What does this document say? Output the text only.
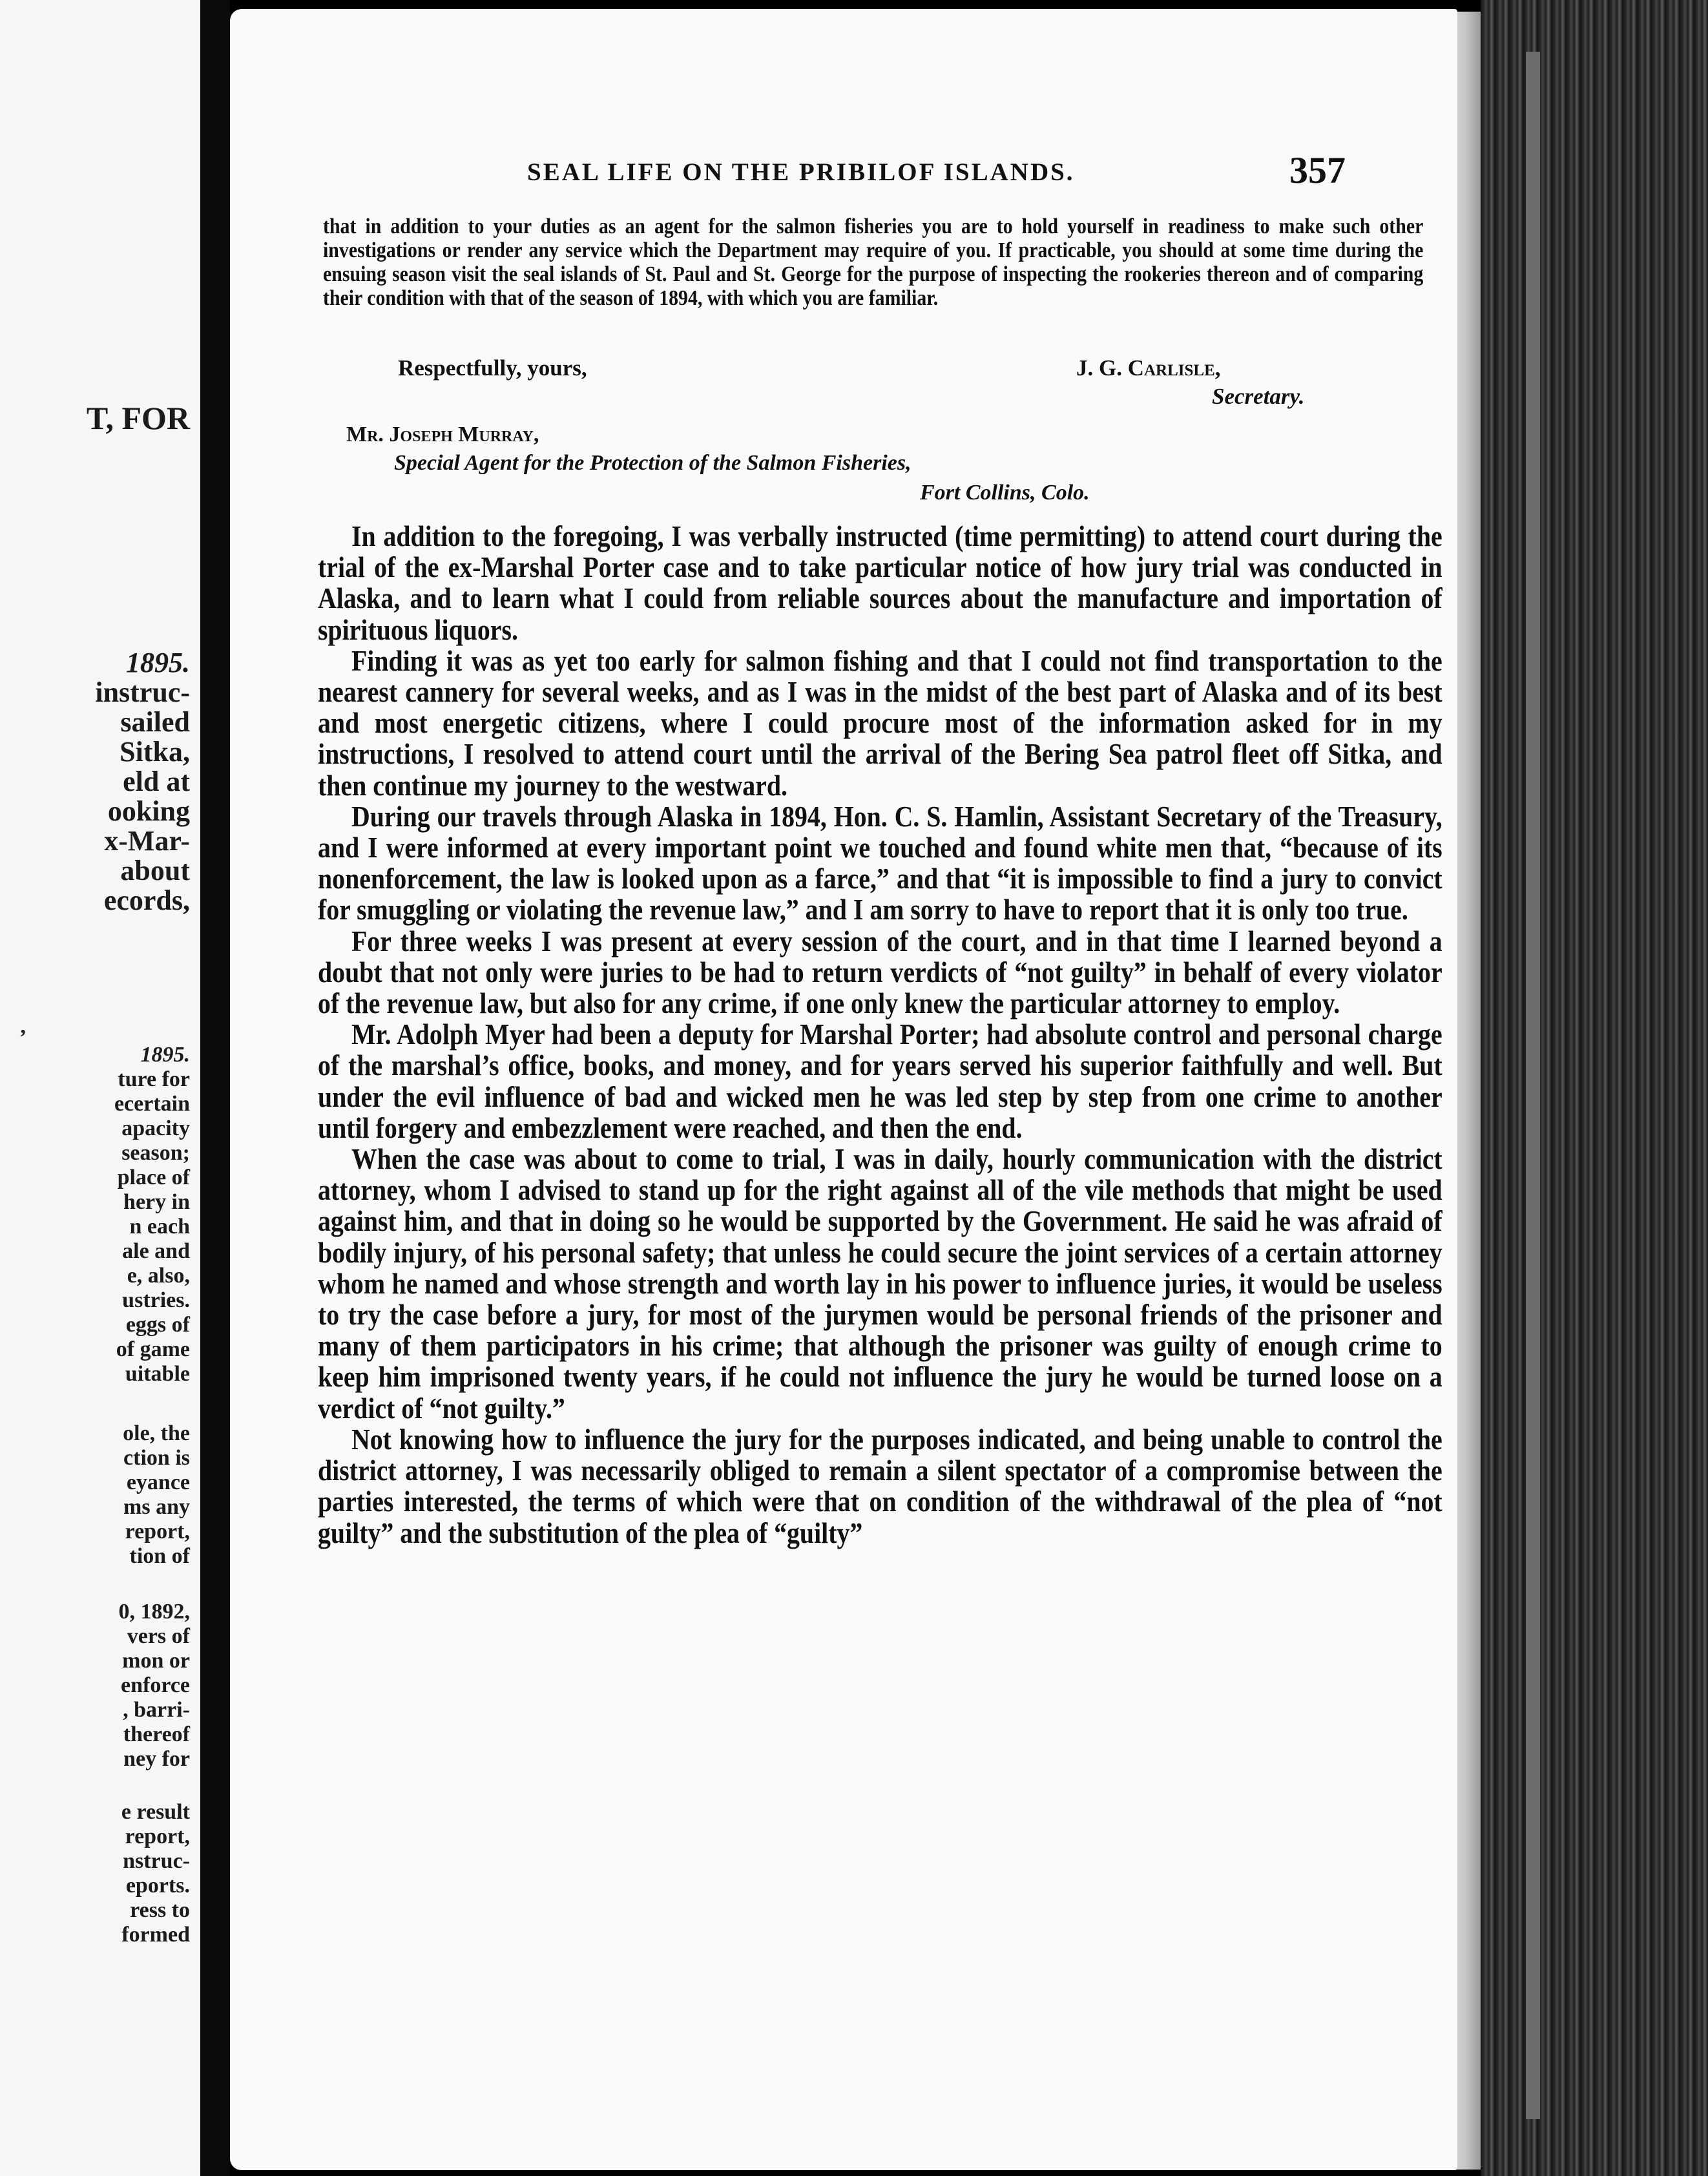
T, FOR
1895.
instruc-
sailed
Sitka,
eld at
ooking
x-Mar-
about
ecords,
,
1895.
ture for
ecertain
apacity
season;
place of
hery in
n each
ale and
e, also,
ustries.
eggs of
of game
uitable
ole, the
ction is
eyance
ms any
report,
tion of
0, 1892,
vers of
mon or
enforce
, barri-
thereof
ney for
e result
report,
nstruc-
eports.
ress to
formed
SEAL LIFE ON THE PRIBILOF ISLANDS.	357
that in addition to your duties as an agent for the salmon fisheries you are to hold yourself in readiness to make such other investigations or render any service which the Department may require of you. If practicable, you should at some time during the ensuing season visit the seal islands of St. Paul and St. George for the purpose of inspecting the rookeries thereon and of comparing their condition with that of the season of 1894, with which you are familiar.
Respectfully, yours,	J. G. Carlisle,
Secretary.
Mr. Joseph Murray,
Special Agent for the Protection of the Salmon Fisheries,
Fort Collins, Colo.

In addition to the foregoing, I was verbally instructed (time permitting) to attend court during the trial of the ex-Marshal Porter case and to take particular notice of how jury trial was conducted in Alaska, and to learn what I could from reliable sources about the manufacture and importation of spirituous liquors.

Finding it was as yet too early for salmon fishing and that I could not find transportation to the nearest cannery for several weeks, and as I was in the midst of the best part of Alaska and of its best and most energetic citizens, where I could procure most of the information asked for in my instructions, I resolved to attend court until the arrival of the Bering Sea patrol fleet off Sitka, and then continue my journey to the westward.

During our travels through Alaska in 1894, Hon. C. S. Hamlin, Assistant Secretary of the Treasury, and I were informed at every important point we touched and found white men that, “because of its nonenforcement, the law is looked upon as a farce,” and that “it is impossible to find a jury to convict for smuggling or violating the revenue law,” and I am sorry to have to report that it is only too true.

For three weeks I was present at every session of the court, and in that time I learned beyond a doubt that not only were juries to be had to return verdicts of “not guilty” in behalf of every violator of the revenue law, but also for any crime, if one only knew the particular attorney to employ.

Mr. Adolph Myer had been a deputy for Marshal Porter; had absolute control and personal charge of the marshal’s office, books, and money, and for years served his superior faithfully and well. But under the evil influence of bad and wicked men he was led step by step from one crime to another until forgery and embezzlement were reached, and then the end.

When the case was about to come to trial, I was in daily, hourly communication with the district attorney, whom I advised to stand up for the right against all of the vile methods that might be used against him, and that in doing so he would be supported by the Government. He said he was afraid of bodily injury, of his personal safety; that unless he could secure the joint services of a certain attorney whom he named and whose strength and worth lay in his power to influence juries, it would be useless to try the case before a jury, for most of the jurymen would be personal friends of the prisoner and many of them participators in his crime; that although the prisoner was guilty of enough crime to keep him imprisoned twenty years, if he could not influence the jury he would be turned loose on a verdict of “not guilty.”

Not knowing how to influence the jury for the purposes indicated, and being unable to control the district attorney, I was necessarily obliged to remain a silent spectator of a compromise between the parties interested, the terms of which were that on condition of the withdrawal of the plea of “not guilty” and the substitution of the plea of “guilty”
